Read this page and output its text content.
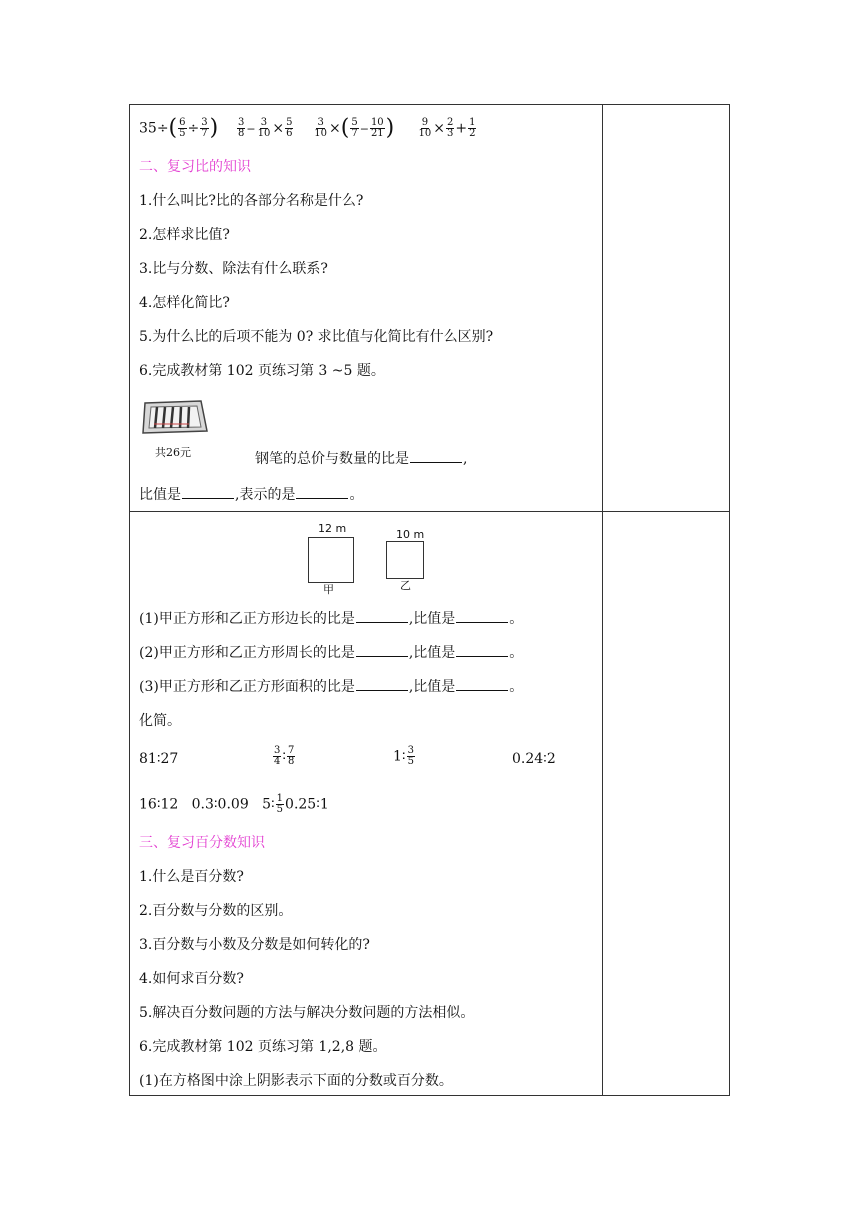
$35\div( \frac{6}{5} \div \frac{3}{7}$ ) $\frac{3}{8} - \frac{3}{10} \times \frac{5}{6}$
$\frac{3}{10}$ ×( $\frac{5}{7} - \frac{10}{21}$ ) $\frac{9}{10} \times \frac{2}{3} + \frac{1}{2}$
二、复习比的知识
1.什么叫比?比的各部分名称是什么?
2.怎样求比值?
3.比与分数、除法有什么联系?
4.怎样化简比?
5.为什么比的后项不能为 0? 求比值与化简比有什么区别?
6.完成教材第 102 页练习第 3 ~5 题。
共26元	钢笔的总价与数量的比是	,
比值是	,表示的是	。
12 m
甲
10 m
乙
(1)甲正方形和乙正方形边长的比是	,比值是	。
(2)甲正方形和乙正方形周长的比是	,比值是	。
(3)甲正方形和乙正方形面积的比是	,比值是	。
化简。
81∶27	$\frac{3}{4}$ ∶ $\frac{7}{8}$	1∶ $\frac{3}{5}$	0.24∶2
16∶12 0.3∶0.09 5∶ $\frac{1}{5}$ 0.25∶1
三、复习百分数知识
1.什么是百分数?
2.百分数与分数的区别。
3.百分数与小数及分数是如何转化的?
4.如何求百分数?
5.解决百分数问题的方法与解决分数问题的方法相似。
6.完成教材第 102 页练习第 1,2,8 题。
(1)在方格图中涂上阴影表示下面的分数或百分数。
